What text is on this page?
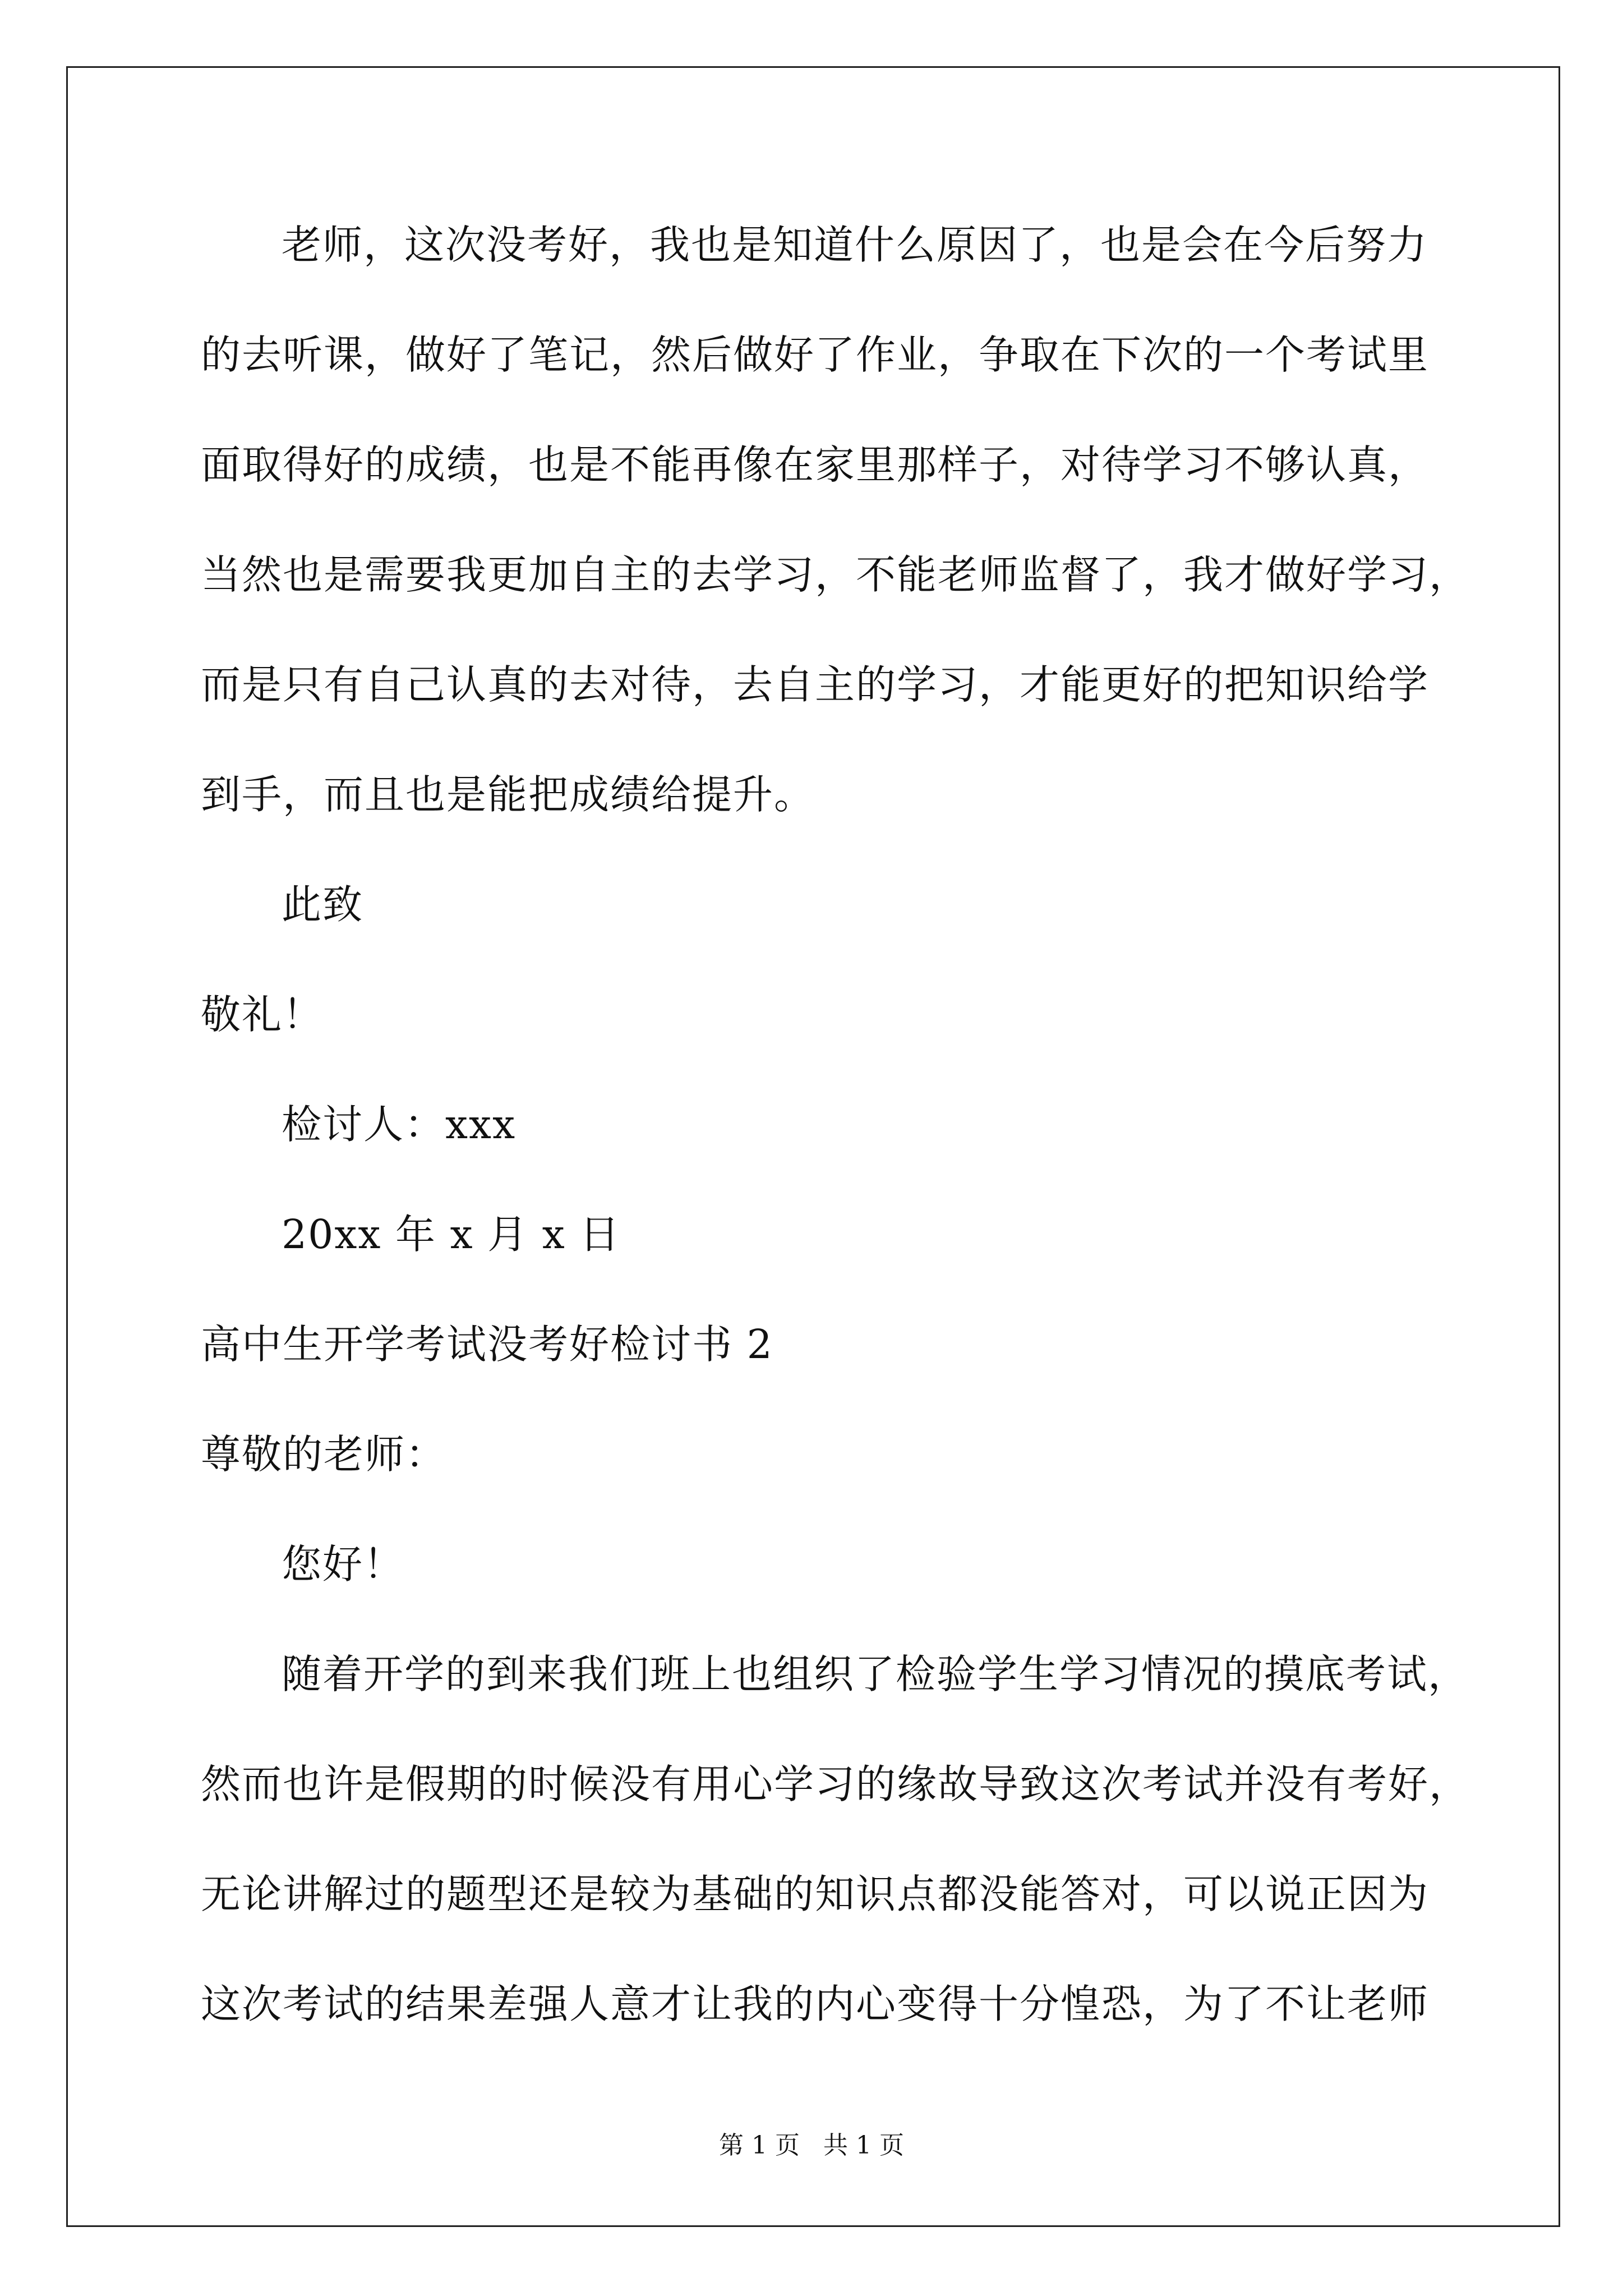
老师，这次没考好，我也是知道什么原因了，也是会在今后努力
的去听课，做好了笔记，然后做好了作业，争取在下次的一个考试里
面取得好的成绩，也是不能再像在家里那样子，对待学习不够认真，
当然也是需要我更加自主的去学习，不能老师监督了，我才做好学习，
而是只有自己认真的去对待，去自主的学习，才能更好的把知识给学
到手，而且也是能把成绩给提升。
此致
敬礼！
检讨人：xxx
20xx 年 x 月 x 日
高中生开学考试没考好检讨书 2
尊敬的老师：
您好！
随着开学的到来我们班上也组织了检验学生学习情况的摸底考试，
然而也许是假期的时候没有用心学习的缘故导致这次考试并没有考好，
无论讲解过的题型还是较为基础的知识点都没能答对，可以说正因为
这次考试的结果差强人意才让我的内心变得十分惶恐，为了不让老师
第 1 页   共 1 页
